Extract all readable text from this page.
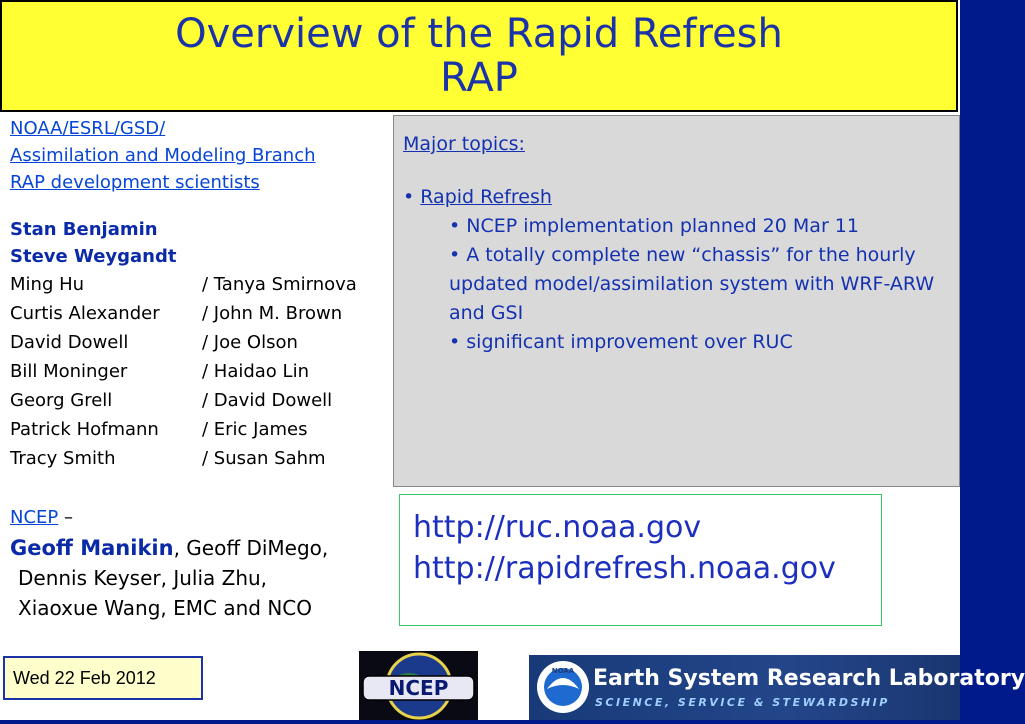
Overview of the Rapid Refresh
RAP
NOAA/ESRL/GSD/
Assimilation and Modeling Branch
RAP development scientists
Stan Benjamin
Steve Weygandt
Ming Hu	/ Tanya Smirnova
Curtis Alexander	/ John M. Brown
David Dowell	/ Joe Olson
Bill Moninger	/ Haidao Lin
Georg Grell	/ David Dowell
Patrick Hofmann	/ Eric James
Tracy Smith	/ Susan Sahm
NCEP –
Geoff Manikin, Geoff DiMego,
Dennis Keyser, Julia Zhu,
Xiaoxue Wang, EMC and NCO
Major topics:
• Rapid Refresh
• NCEP implementation planned 20 Mar 11
• A totally complete new “chassis” for the hourly updated model/assimilation system with WRF-ARW and GSI
• significant improvement over RUC
http://ruc.noaa.gov
http://rapidrefresh.noaa.gov
Wed 22 Feb 2012	NCEP
NOAA Earth System Research Laboratory
SCIENCE, SERVICE & STEWARDSHIP
